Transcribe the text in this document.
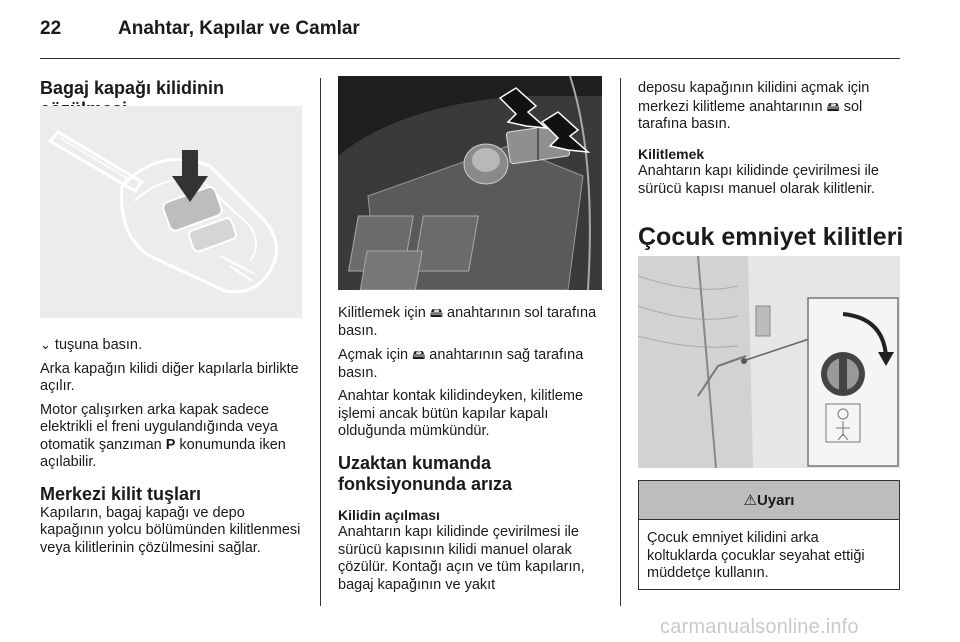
22	Anahtar, Kapılar ve Camlar
Bagaj kapağı kilidinin

⌄ tuşuna basın.

Arka kapağın kilidi diğer kapılarla birlikte açılır.

Motor çalışırken arka kapak sadece elektrikli el freni uygulandığında veya otomatik şanzıman P konumunda iken açılabilir.

Merkezi kilit tuşları

Kapıların, bagaj kapağı ve depo kapağının yolcu bölümünden kilitlenmesi veya kilitlerinin çözülmesini sağlar.

Kilitlemek için 🖴 anahtarının sol tarafına basın.

Açmak için 🖴 anahtarının sağ tarafına basın.

Anahtar kontak kilidindeyken, kilitleme işlemi ancak bütün kapılar kapalı olduğunda mümkündür.

Uzaktan kumanda
fonksiyonunda arıza
Kilidin açılması

Anahtarın kapı kilidinde çevirilmesi ile sürücü kapısının kilidi manuel olarak çözülür. Kontağı açın ve tüm kapıların, bagaj kapağının ve yakıt

deposu kapağının kilidini açmak için merkezi kilitleme anahtarının 🖴 sol tarafına basın.

Kilitlemek

Anahtarın kapı kilidinde çevirilmesi ile sürücü kapısı manuel olarak kilitlenir.

Çocuk emniyet kilitleri
⚠ Uyarı
Çocuk emniyet kilidini arka koltuklarda çocuklar seyahat ettiği müddetçe kullanın.
carmanualsonline.info
